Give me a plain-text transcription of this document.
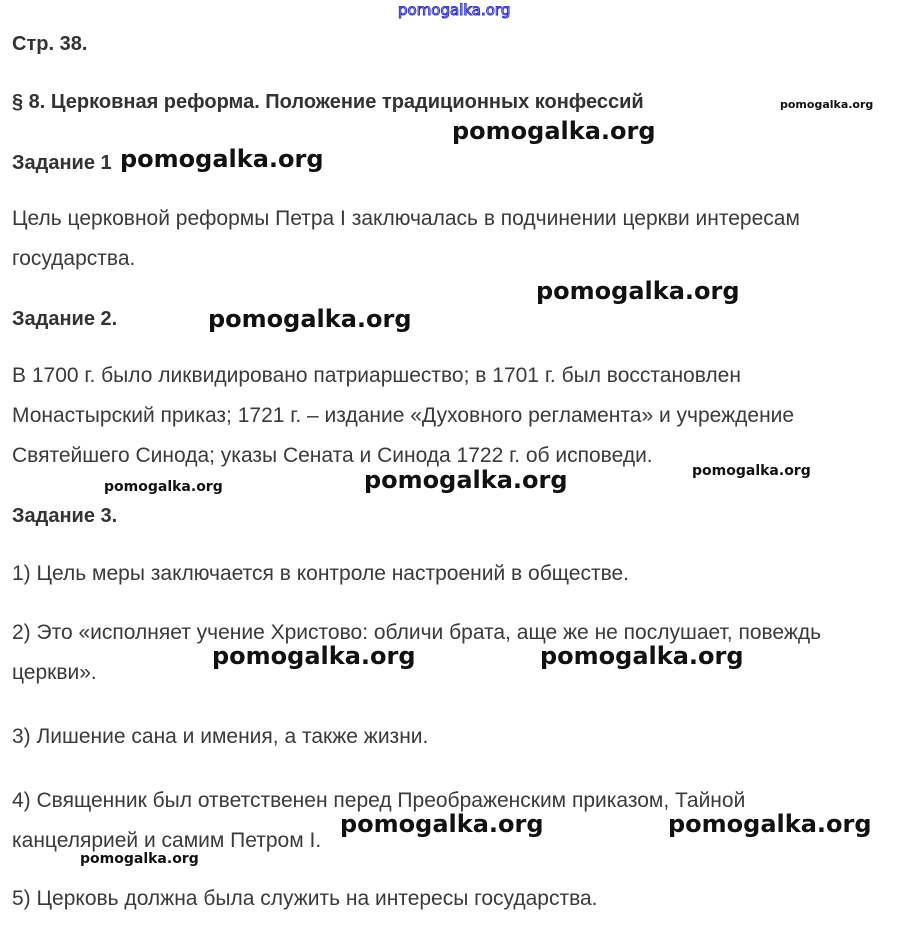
Стр. 38.
§ 8. Церковная реформа. Положение традиционных конфессий
Задание 1
Цель церковной реформы Петра I заключалась в подчинении церкви интересам
государства.
Задание 2.
В 1700 г. было ликвидировано патриаршество; в 1701 г. был восстановлен
Монастырский приказ; 1721 г. – издание «Духовного регламента» и учреждение
Святейшего Синода; указы Сената и Синода 1722 г. об исповеди.
Задание 3.
1) Цель меры заключается в контроле настроений в обществе.
2) Это «исполняет учение Христово: обличи брата, аще же не послушает, повеждь
церкви».
3) Лишение сана и имения, а также жизни.
4) Священник был ответственен перед Преображенским приказом, Тайной
канцелярией и самим Петром I.
5) Церковь должна была служить на интересы государства.
pomogalka.org
pomogalka.org
pomogalka.org
pomogalka.org
pomogalka.org
pomogalka.org
pomogalka.org	pomogalka.org
pomogalka.org
pomogalka.org	pomogalka.org
pomogalka.org	pomogalka.org
pomogalka.org
